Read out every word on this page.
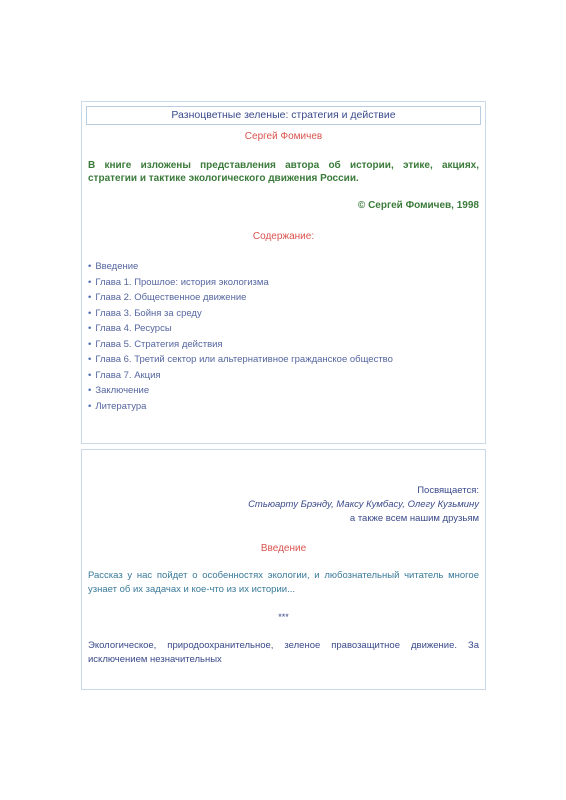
Разноцветные зеленые: стратегия и действие
Сергей Фомичев
В книге изложены представления автора об истории, этике, акциях, стратегии и тактике экологического движения России.
© Сергей Фомичев, 1998
Содержание:
• Введение
• Глава 1. Прошлое: история экологизма
• Глава 2. Общественное движение
• Глава 3. Бойня за среду
• Глава 4. Ресурсы
• Глава 5. Стратегия действия
• Глава 6. Третий сектор или альтернативное гражданское общество
• Глава 7. Акция
• Заключение
• Литература
Посвящается:
Стьюарту Брэнду, Максу Кумбасу, Олегу Кузьмину
а также всем нашим друзьям
Введение
Рассказ у нас пойдет о особенностях экологии, и любознательный читатель многое узнает об их задачах и кое-что из их истории...
***
Экологическое, природоохранительное, зеленое правозащитное движение. За исключением незначительных
